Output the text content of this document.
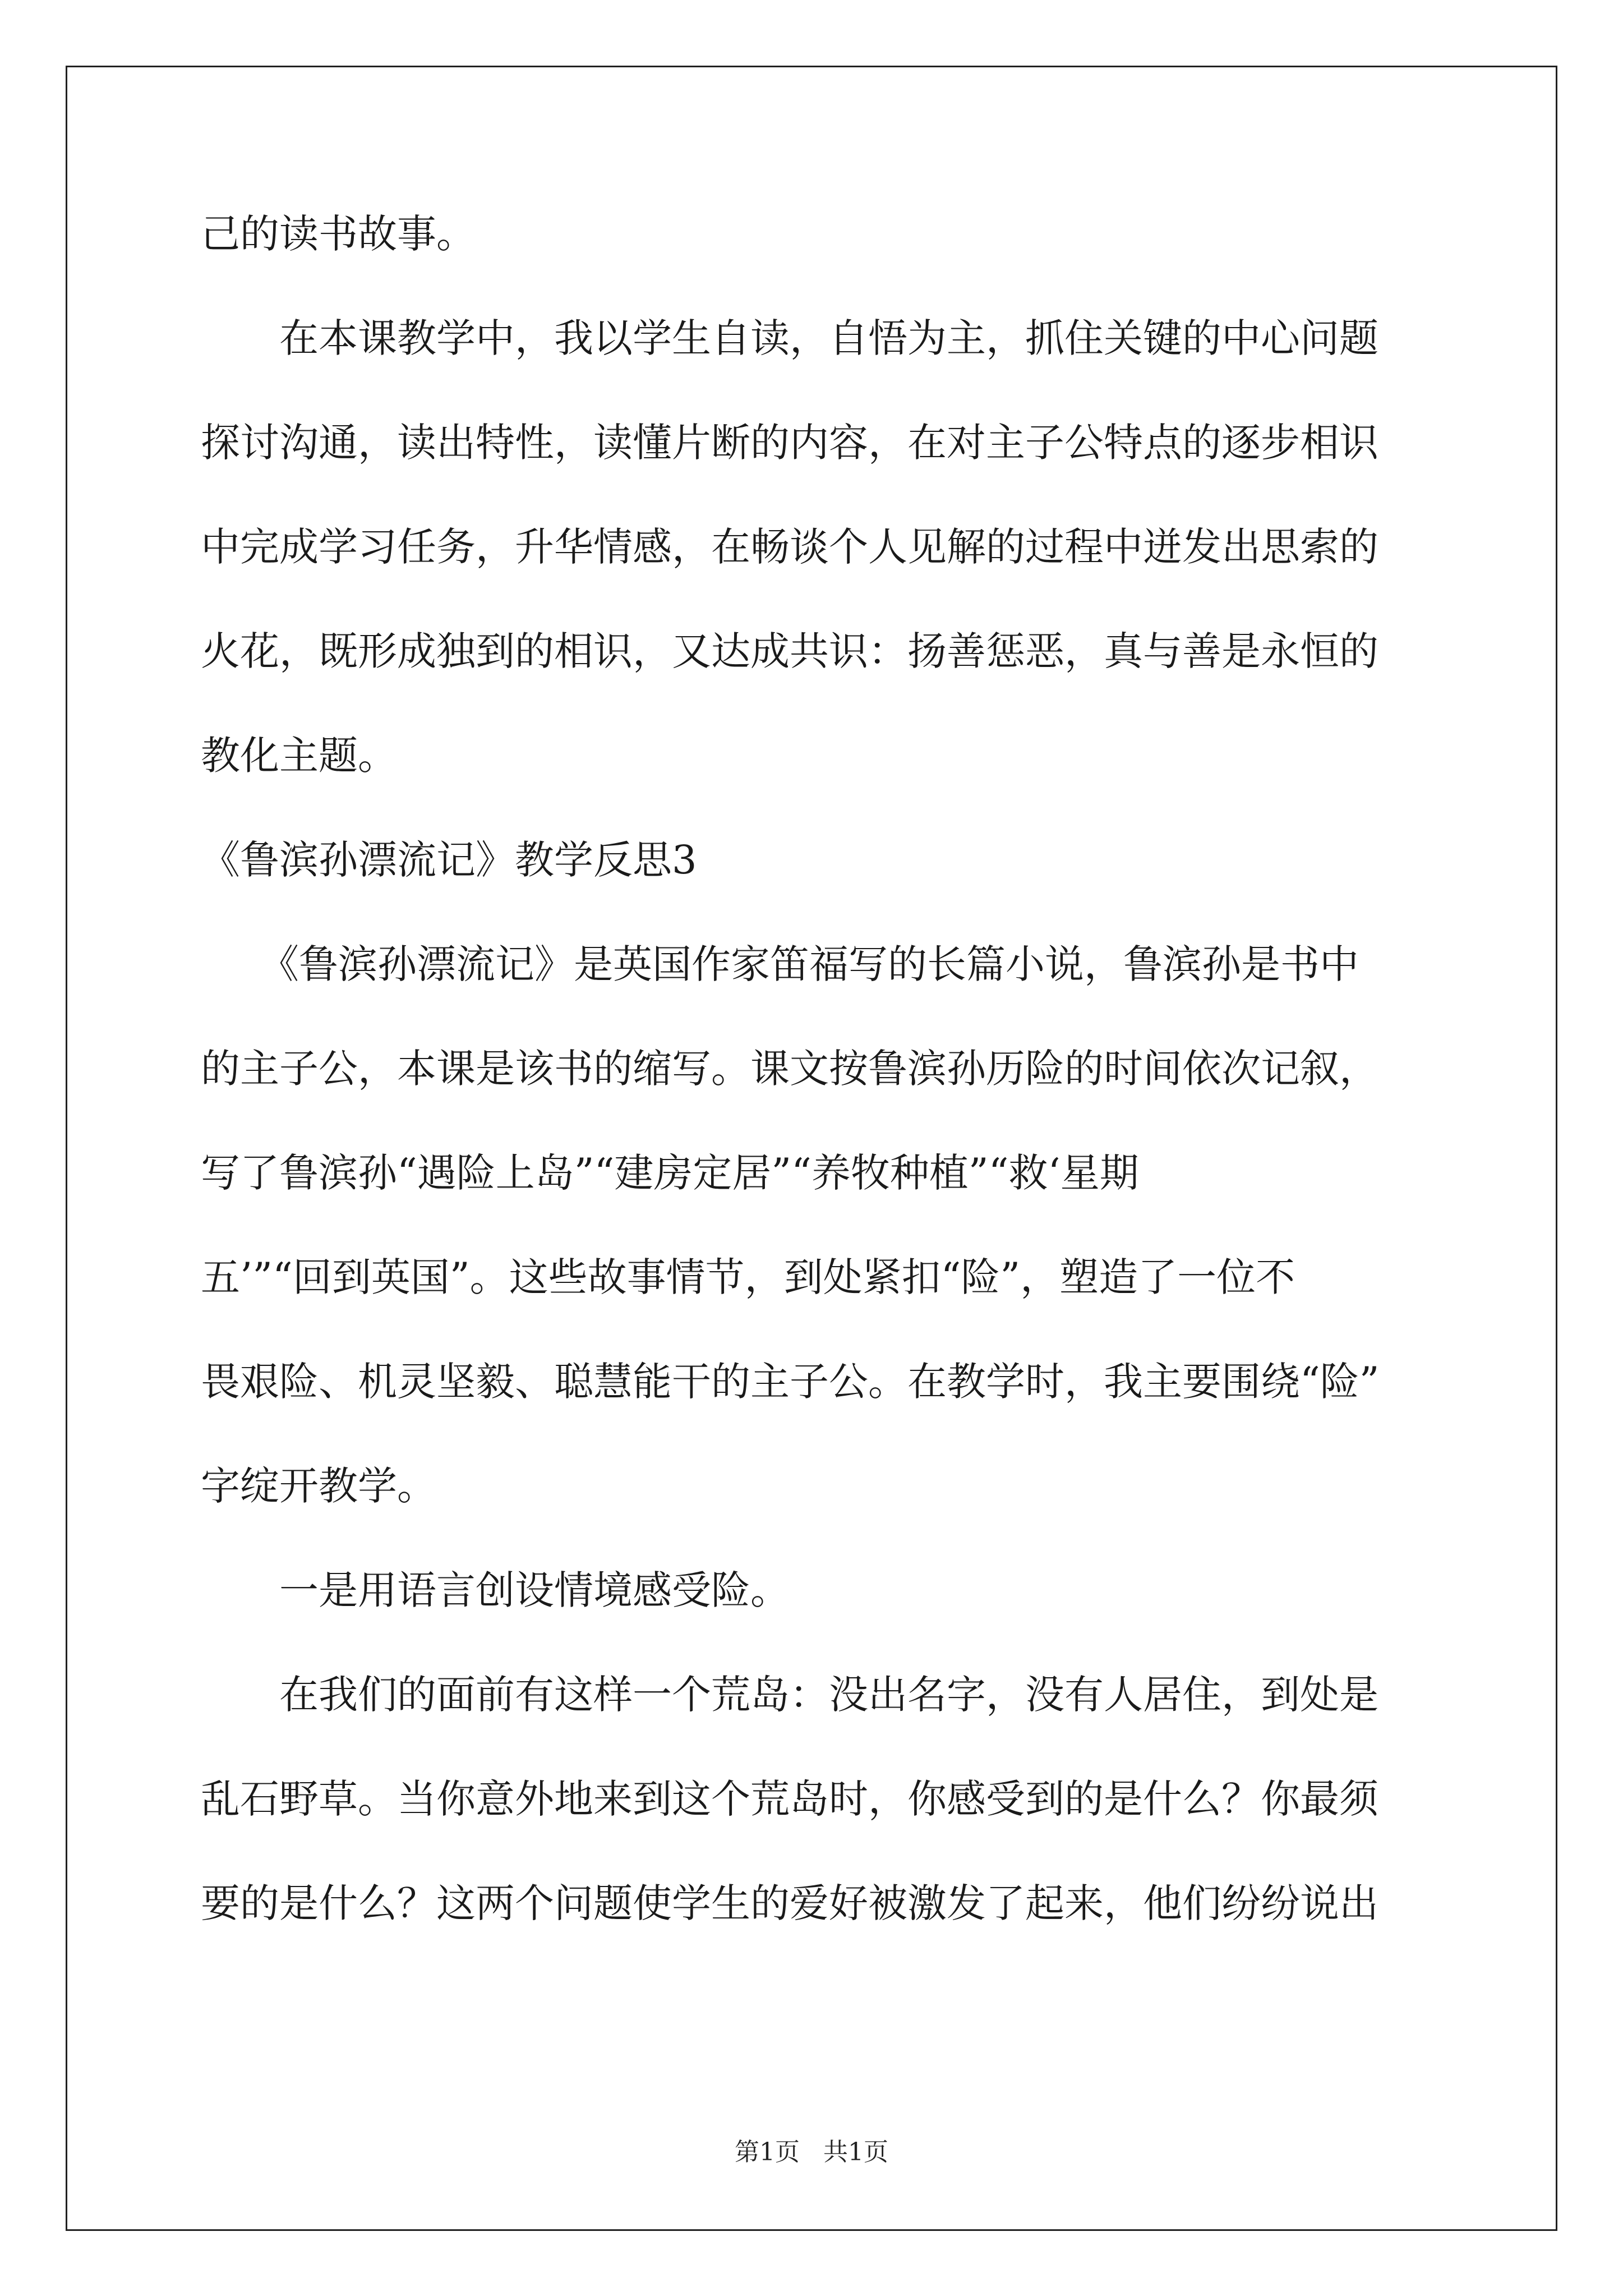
己的读书故事。
　　在本课教学中，我以学生自读，自悟为主，抓住关键的中心问题
探讨沟通，读出特性，读懂片断的内容，在对主子公特点的逐步相识
中完成学习任务，升华情感，在畅谈个人见解的过程中迸发出思索的
火花，既形成独到的相识，又达成共识：扬善惩恶，真与善是永恒的
教化主题。
《鲁滨孙漂流记》教学反思3
　　《鲁滨孙漂流记》是英国作家笛福写的长篇小说，鲁滨孙是书中
的主子公，本课是该书的缩写。课文按鲁滨孙历险的时间依次记叙，
写了鲁滨孙“遇险上岛”“建房定居”“养牧种植”“救‘星期
五’”“回到英国”。这些故事情节，到处紧扣“险”，塑造了一位不
畏艰险、机灵坚毅、聪慧能干的主子公。在教学时，我主要围绕“险”
字绽开教学。
　　一是用语言创设情境感受险。
　　在我们的面前有这样一个荒岛：没出名字，没有人居住，到处是
乱石野草。当你意外地来到这个荒岛时，你感受到的是什么？你最须
要的是什么？这两个问题使学生的爱好被激发了起来，他们纷纷说出
第1页 共1页
